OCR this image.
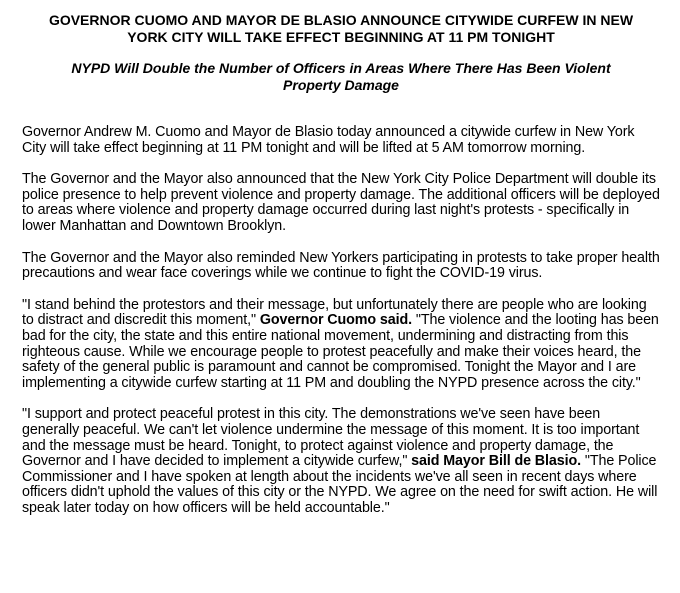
GOVERNOR CUOMO AND MAYOR DE BLASIO ANNOUNCE CITYWIDE CURFEW IN NEW YORK CITY WILL TAKE EFFECT BEGINNING AT 11 PM TONIGHT
NYPD Will Double the Number of Officers in Areas Where There Has Been Violent Property Damage

Governor Andrew M. Cuomo and Mayor de Blasio today announced a citywide curfew in New York City will take effect beginning at 11 PM tonight and will be lifted at 5 AM tomorrow morning.

The Governor and the Mayor also announced that the New York City Police Department will double its police presence to help prevent violence and property damage. The additional officers will be deployed to areas where violence and property damage occurred during last night's protests - specifically in lower Manhattan and Downtown Brooklyn.

The Governor and the Mayor also reminded New Yorkers participating in protests to take proper health precautions and wear face coverings while we continue to fight the COVID-19 virus.

"I stand behind the protestors and their message, but unfortunately there are people who are looking to distract and discredit this moment," Governor Cuomo said. "The violence and the looting has been bad for the city, the state and this entire national movement, undermining and distracting from this righteous cause. While we encourage people to protest peacefully and make their voices heard, the safety of the general public is paramount and cannot be compromised. Tonight the Mayor and I are implementing a citywide curfew starting at 11 PM and doubling the NYPD presence across the city."

"I support and protect peaceful protest in this city. The demonstrations we've seen have been generally peaceful. We can't let violence undermine the message of this moment. It is too important and the message must be heard. Tonight, to protect against violence and property damage, the Governor and I have decided to implement a citywide curfew," said Mayor Bill de Blasio. "The Police Commissioner and I have spoken at length about the incidents we've all seen in recent days where officers didn't uphold the values of this city or the NYPD. We agree on the need for swift action. He will speak later today on how officers will be held accountable."
